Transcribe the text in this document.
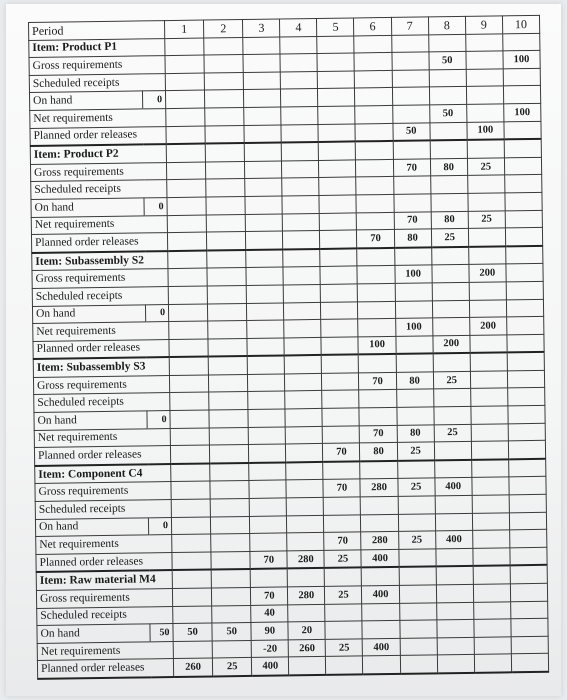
Period		1	2	3	4	5	6	7	8	9	10
Item: Product P1											
Gross requirements									50		100
Scheduled receipts											
On hand	0										
Net requirements									50		100
Planned order releases								50		100	
Item: Product P2											
Gross requirements								70	80	25	
Scheduled receipts											
On hand	0										
Net requirements								70	80	25	
Planned order releases							70	80	25		
Item: Subassembly S2											
Gross requirements								100		200	
Scheduled receipts											
On hand	0										
Net requirements								100		200	
Planned order releases							100		200		
Item: Subassembly S3											
Gross requirements							70	80	25		
Scheduled receipts											
On hand	0										
Net requirements							70	80	25		
Planned order releases						70	80	25			
Item: Component C4											
Gross requirements						70	280	25	400		
Scheduled receipts											
On hand	0										
Net requirements						70	280	25	400		
Planned order releases				70	280	25	400				
Item: Raw material M4											
Gross requirements				70	280	25	400				
Scheduled receipts				40							
On hand	50	50	50	90	20						
Net requirements				-20	260	25	400				
Planned order releases		260	25	400							
